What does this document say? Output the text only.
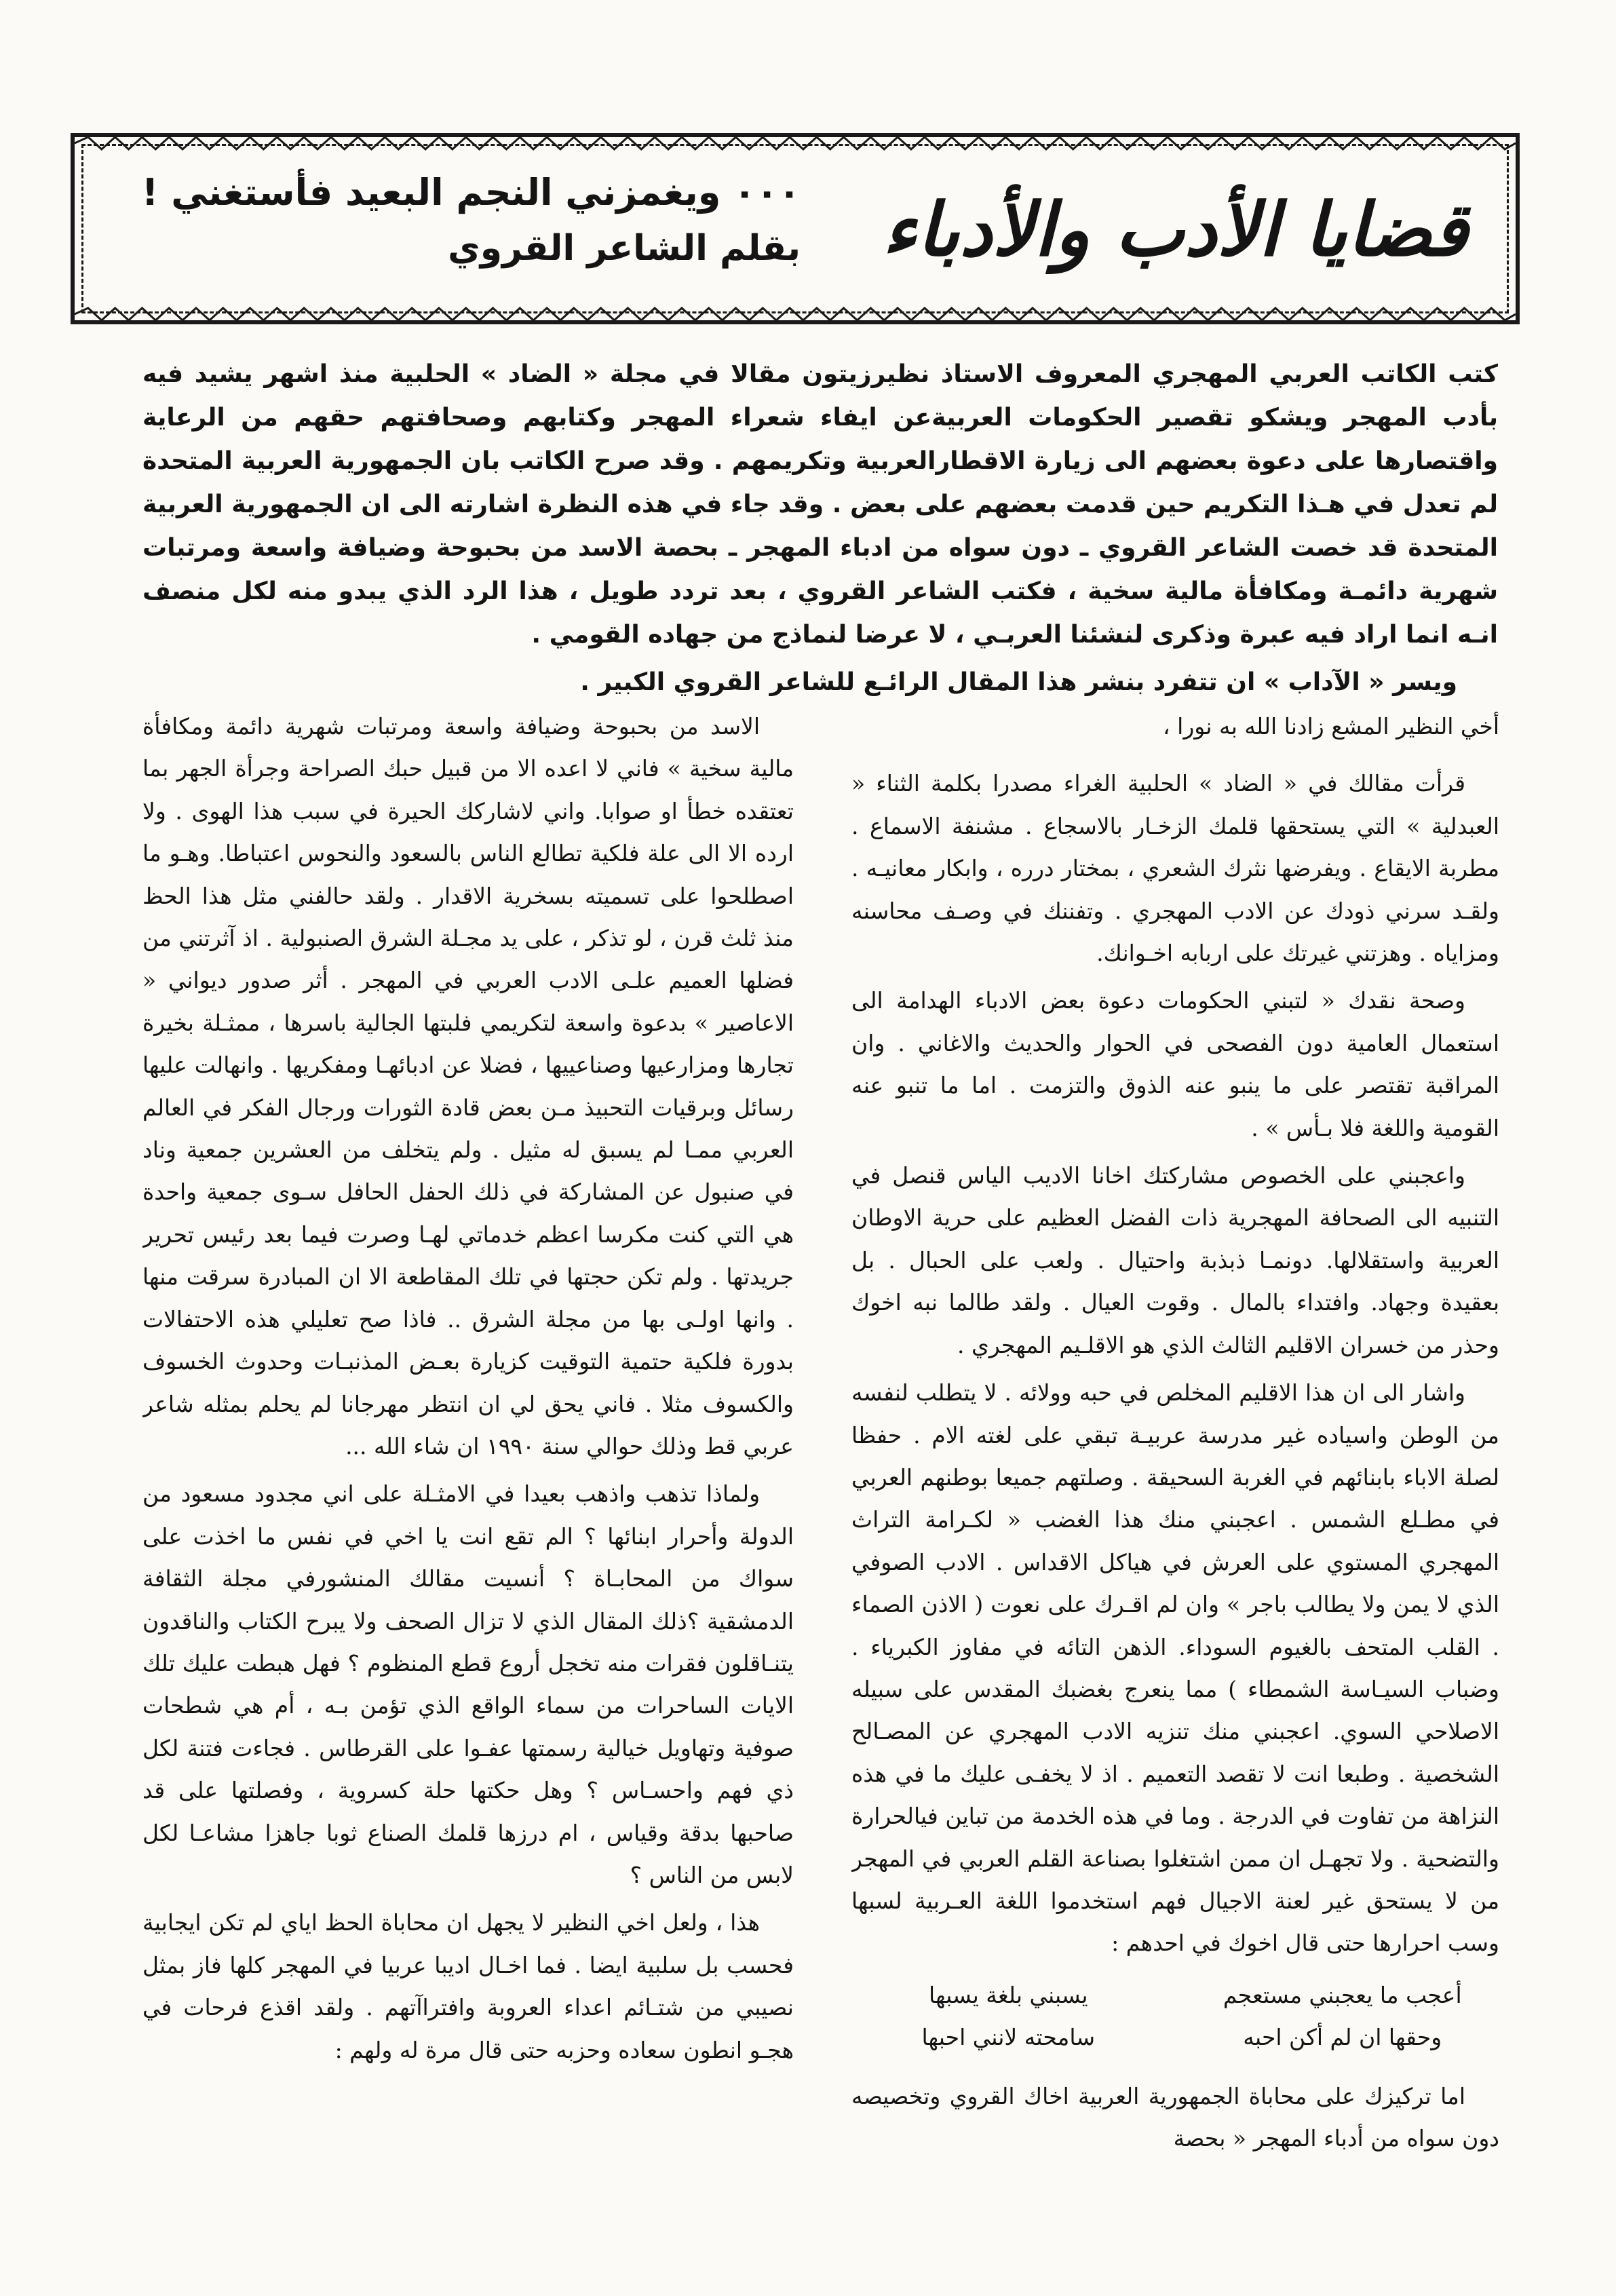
قضايا الأدب والأدباء
٠٠٠ ويغمزني النجم البعيد فأستغني !
بقلم الشاعر القروي

كتب الكاتب العربي المهجري المعروف الاستاذ نظيرزيتون مقالا في مجلة « الضاد » الحلبية منذ اشهر يشيد فيه بأدب المهجر ويشكو تقصير الحكومات العربيةعن ايفاء شعراء المهجر وكتابهم وصحافتهم حقهم من الرعاية واقتصارها على دعوة بعضهم الى زيارة الاقطارالعربية وتكريمهم . وقد صرح الكاتب بان الجمهورية العربية المتحدة لم تعدل في هـذا التكريم حين قدمت بعضهم على بعض . وقد جاء في هذه النظرة اشارته الى ان الجمهورية العربية المتحدة قد خصت الشاعر القروي ـ دون سواه من ادباء المهجر ـ بحصة الاسد من بحبوحة وضيافة واسعة ومرتبات شهرية دائمـة ومكافأة مالية سخية ، فكتب الشاعر القروي ، بعد تردد طويل ، هذا الرد الذي يبدو منه لكل منصف انـه انما اراد فيه عبرة وذكرى لنشئنا العربـي ، لا عرضا لنماذج من جهاده القومي .

ويسر « الآداب » ان تتفرد بنشر هذا المقال الرائـع للشاعر القروي الكبير .

أخي النظير المشع زادنا الله به نورا ،

قرأت مقالك في « الضاد » الحلبية الغراء مصدرا بكلمة الثناء « العبدلية » التي يستحقها قلمك الزخـار بالاسجاع . مشنفة الاسماع . مطربة الايقاع . ويفرضها نثرك الشعري ، بمختار درره ، وابكار معانيـه . ولقـد سرني ذودك عن الادب المهجري . وتفننك في وصـف محاسنه ومزاياه . وهزتني غيرتك على اربابه اخـوانك.

وصحة نقدك « لتبني الحكومات دعوة بعض الادباء الهدامة الى استعمال العامية دون الفصحى في الحوار والحديث والاغاني . وان المراقبة تقتصر على ما ينبو عنه الذوق والتزمت . اما ما تنبو عنه القومية واللغة فلا بـأس » .

واعجبني على الخصوص مشاركتك اخانا الاديب الياس قنصل في التنبيه الى الصحافة المهجرية ذات الفضل العظيم على حرية الاوطان العربية واستقلالها. دونمـا ذبذبة واحتيال . ولعب على الحبال . بل بعقيدة وجهاد. وافتداء بالمال . وقوت العيال . ولقد طالما نبه اخوك وحذر من خسران الاقليم الثالث الذي هو الاقلـيم المهجري .

واشار الى ان هذا الاقليم المخلص في حبه وولائه . لا يتطلب لنفسه من الوطن واسياده غير مدرسة عربيـة تبقي على لغته الام . حفظا لصلة الاباء بابنائهم في الغربة السحيقة . وصلتهم جميعا بوطنهم العربي في مطـلع الشمس . اعجبني منك هذا الغضب « لكـرامة التراث المهجري المستوي على العرش في هياكل الاقداس . الادب الصوفي الذي لا يمن ولا يطالب باجر » وان لم اقـرك على نعوت ( الاذن الصماء . القلب المتحف بالغيوم السوداء. الذهن التائه في مفاوز الكبرياء . وضباب السيـاسة الشمطاء ) مما ينعرج بغضبك المقدس على سبيله الاصلاحي السوي. اعجبني منك تنزيه الادب المهجري عن المصـالح الشخصية . وطبعا انت لا تقصد التعميم . اذ لا يخفـى عليك ما في هذه النزاهة من تفاوت في الدرجة . وما في هذه الخدمة من تباين فيالحرارة والتضحية . ولا تجهـل ان ممن اشتغلوا بصناعة القلم العربي في المهجر من لا يستحق غير لعنة الاجيال فهم استخدموا اللغة العـربية لسبها وسب احرارها حتى قال اخوك في احدهم :

أعجب ما يعجبني مستعجم
يسبني بلغة يسبها
وحقها ان لم أكن احبه
سامحته لانني احبها

اما تركيزك على محاباة الجمهورية العربية اخاك القروي وتخصيصه دون سواه من أدباء المهجر « بحصة

الاسد من بحبوحة وضيافة واسعة ومرتبات شهرية دائمة ومكافأة مالية سخية » فاني لا اعده الا من قبيل حبك الصراحة وجرأة الجهر بما تعتقده خطأ او صوابا. واني لاشاركك الحيرة في سبب هذا الهوى . ولا ارده الا الى علة فلكية تطالع الناس بالسعود والنحوس اعتباطا. وهـو ما اصطلحوا على تسميته بسخرية الاقدار . ولقد حالفني مثل هذا الحظ منذ ثلث قرن ، لو تذكر ، على يد مجـلة الشرق الصنبولية . اذ آثرتني من فضلها العميم علـى الادب العربي في المهجر . أثر صدور ديواني « الاعاصير » بدعوة واسعة لتكريمي فلبتها الجالية باسرها ، ممثـلة بخيرة تجارها ومزارعيها وصناعييها ، فضلا عن ادبائهـا ومفكريها . وانهالت عليها رسائل وبرقيات التحبيذ مـن بعض قادة الثورات ورجال الفكر في العالم العربي ممـا لم يسبق له مثيل . ولم يتخلف من العشرين جمعية وناد في صنبول عن المشاركة في ذلك الحفل الحافل سـوى جمعية واحدة هي التي كنت مكرسا اعظم خدماتي لهـا وصرت فيما بعد رئيس تحرير جريدتها . ولم تكن حجتها في تلك المقاطعة الا ان المبادرة سرقت منها . وانها اولـى بها من مجلة الشرق .. فاذا صح تعليلي هذه الاحتفالات بدورة فلكية حتمية التوقيت كزيارة بعـض المذنبـات وحدوث الخسوف والكسوف مثلا . فاني يحق لي ان انتظر مهرجانا لم يحلم بمثله شاعر عربي قط وذلك حوالي سنة ١٩٩٠ ان شاء الله ...

ولماذا تذهب واذهب بعيدا في الامثـلة على اني مجدود مسعود من الدولة وأحرار ابنائها ؟ الم تقع انت يا اخي في نفس ما اخذت على سواك من المحابـاة ؟ أنسيت مقالك المنشورفي مجلة الثقافة الدمشقية ؟ذلك المقال الذي لا تزال الصحف ولا يبرح الكتاب والناقدون يتنـاقلون فقرات منه تخجل أروع قطع المنظوم ؟ فهل هبطت عليك تلك الايات الساحرات من سماء الواقع الذي تؤمن بـه ، أم هي شطحات صوفية وتهاويل خيالية رسمتها عفـوا على القرطاس . فجاءت فتنة لكل ذي فهم واحسـاس ؟ وهل حكتها حلة كسروية ، وفصلتها على قد صاحبها بدقة وقياس ، ام درزها قلمك الصناع ثوبا جاهزا مشاعـا لكل لابس من الناس ؟

هذا ، ولعل اخي النظير لا يجهل ان محاباة الحظ اياي لم تكن ايجابية فحسب بل سلبية ايضا . فما اخـال اديبا عربيا في المهجر كلها فاز بمثل نصيبي من شتـائم اعداء العروبة وافتراآتهم . ولقد اقذع فرحات في هجـو انطون سعاده وحزبه حتى قال مرة له ولهم :
